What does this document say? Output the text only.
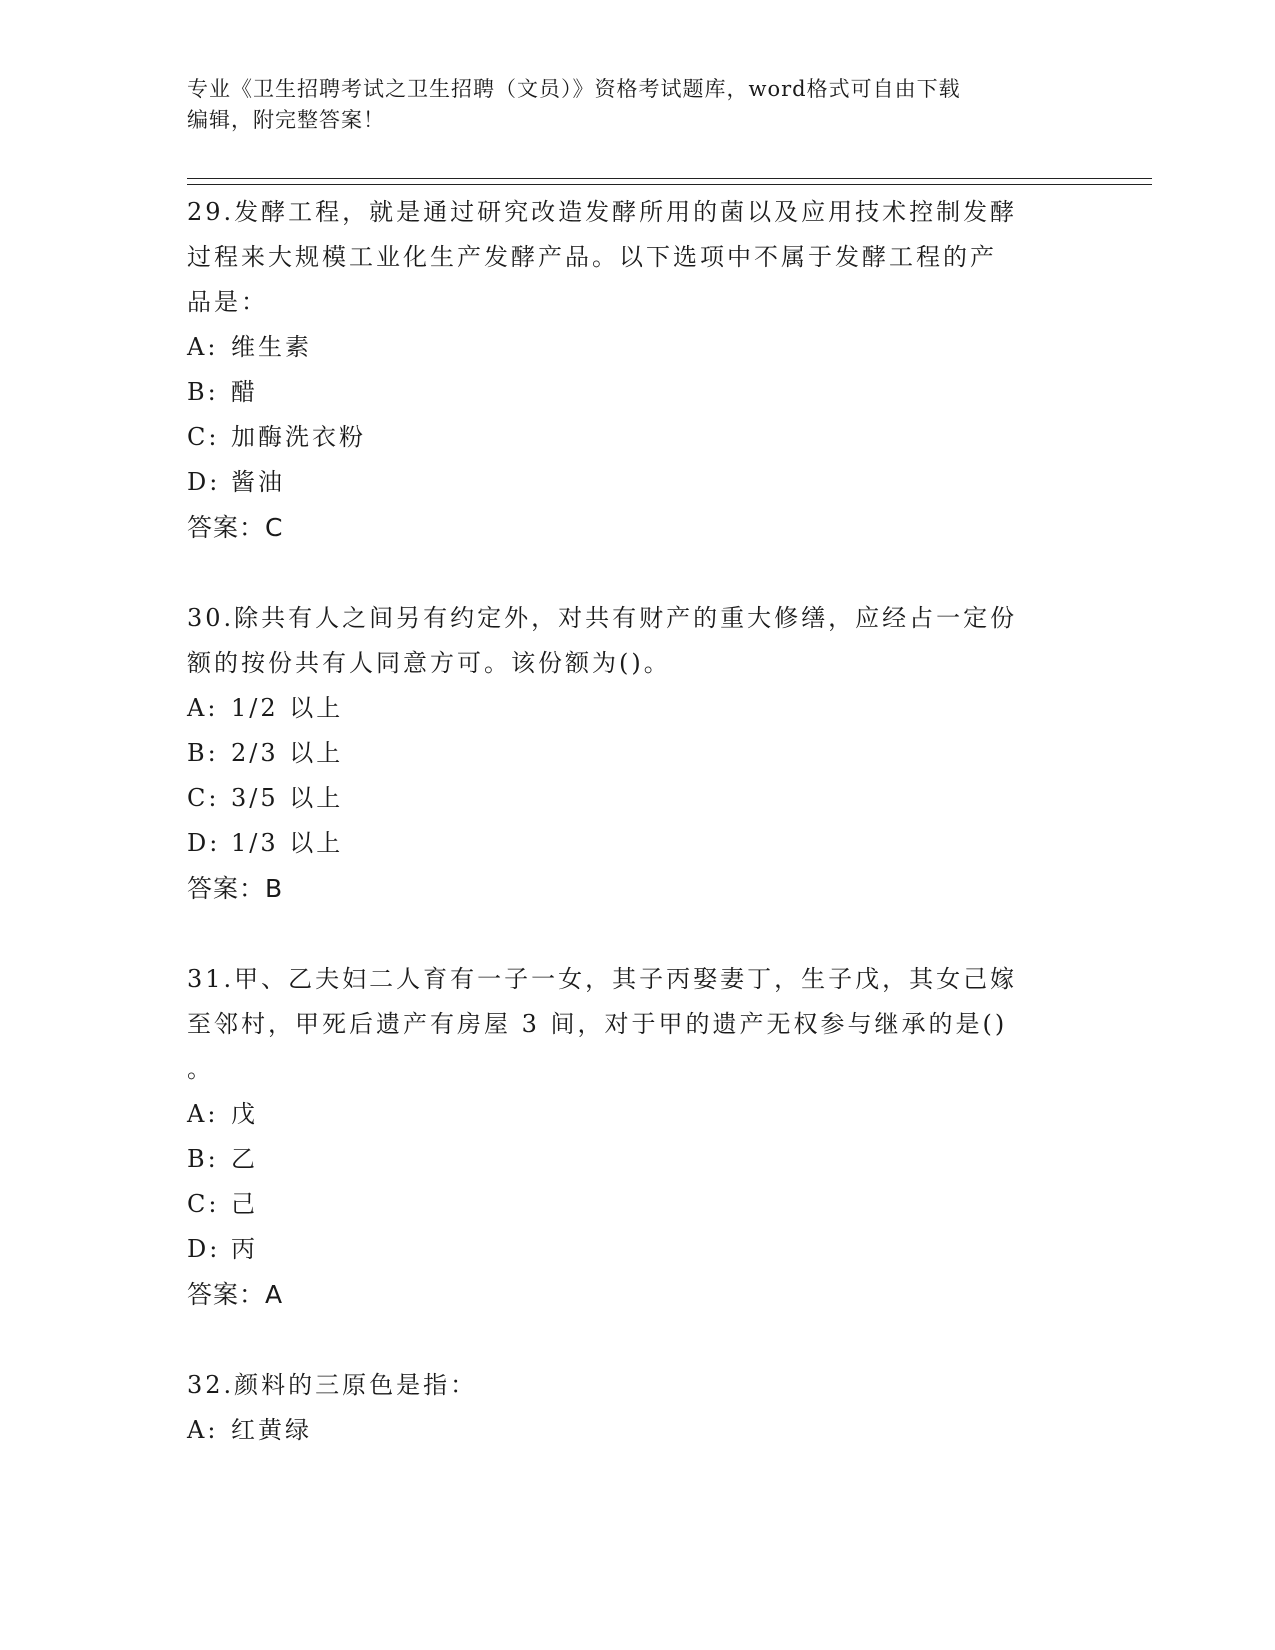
专业《卫生招聘考试之卫生招聘（文员）》资格考试题库，word格式可自由下载
编辑，附完整答案！
29.发酵工程，就是通过研究改造发酵所用的菌以及应用技术控制发酵
过程来大规模工业化生产发酵产品。以下选项中不属于发酵工程的产
品是：
A: 维生素
B: 醋
C: 加酶洗衣粉
D: 酱油
答案：C
30.除共有人之间另有约定外，对共有财产的重大修缮，应经占一定份
额的按份共有人同意方可。该份额为()。
A: 1/2 以上
B: 2/3 以上
C: 3/5 以上
D: 1/3 以上
答案：B
31.甲、乙夫妇二人育有一子一女，其子丙娶妻丁，生子戊，其女己嫁
至邻村，甲死后遗产有房屋 3 间，对于甲的遗产无权参与继承的是()
。
A: 戊
B: 乙
C: 己
D: 丙
答案：A
32.颜料的三原色是指：
A: 红黄绿
